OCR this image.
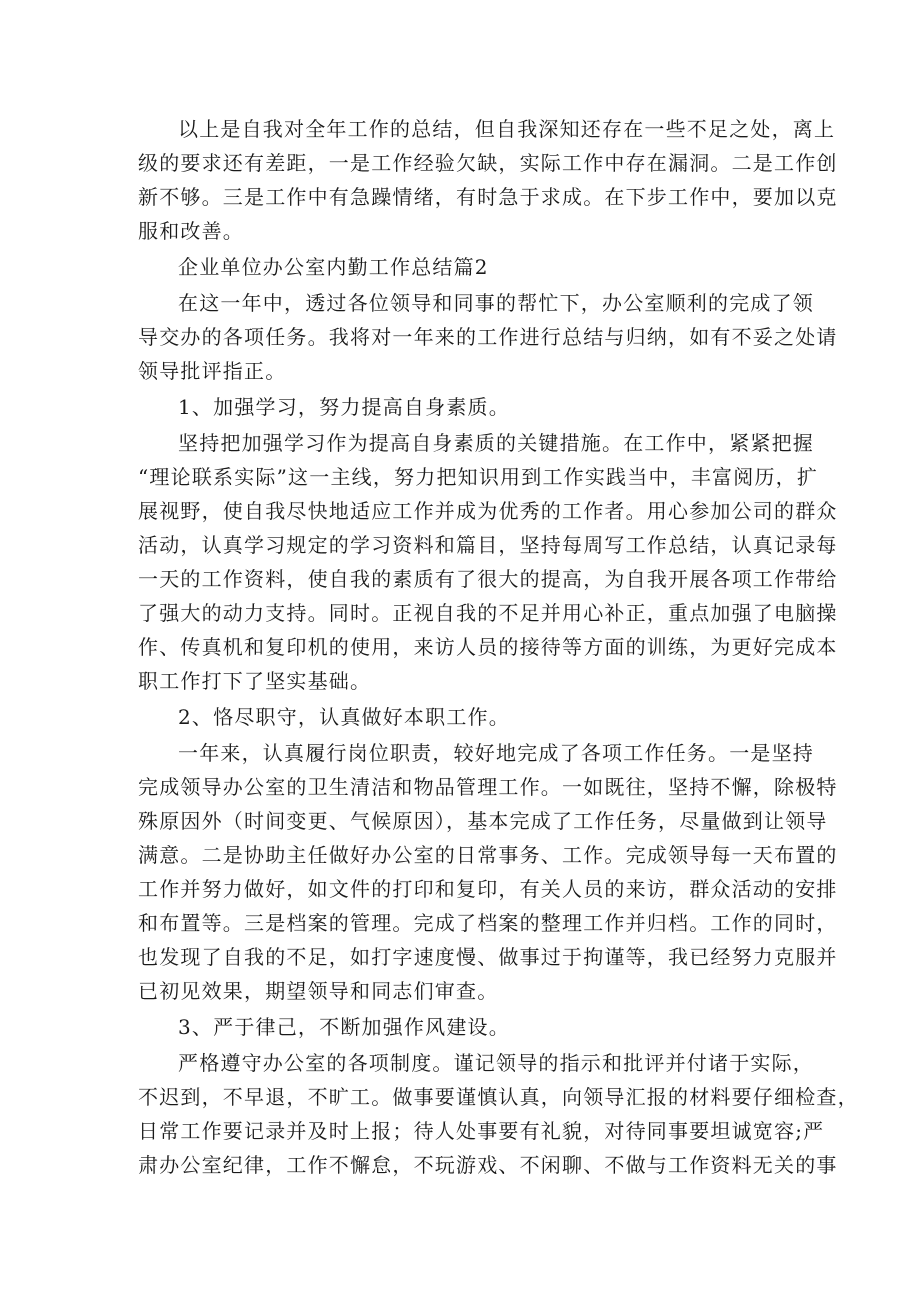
以上是自我对全年工作的总结，但自我深知还存在一些不足之处，离上
级的要求还有差距，一是工作经验欠缺，实际工作中存在漏洞。二是工作创
新不够。三是工作中有急躁情绪，有时急于求成。在下步工作中，要加以克
服和改善。
企业单位办公室内勤工作总结篇2
在这一年中，透过各位领导和同事的帮忙下，办公室顺利的完成了领
导交办的各项任务。我将对一年来的工作进行总结与归纳，如有不妥之处请
领导批评指正。
1、加强学习，努力提高自身素质。
坚持把加强学习作为提高自身素质的关键措施。在工作中，紧紧把握
“理论联系实际”这一主线，努力把知识用到工作实践当中，丰富阅历，扩
展视野，使自我尽快地适应工作并成为优秀的工作者。用心参加公司的群众
活动，认真学习规定的学习资料和篇目，坚持每周写工作总结，认真记录每
一天的工作资料，使自我的素质有了很大的提高，为自我开展各项工作带给
了强大的动力支持。同时。正视自我的不足并用心补正，重点加强了电脑操
作、传真机和复印机的使用，来访人员的接待等方面的训练，为更好完成本
职工作打下了坚实基础。
2、恪尽职守，认真做好本职工作。
一年来，认真履行岗位职责，较好地完成了各项工作任务。一是坚持
完成领导办公室的卫生清洁和物品管理工作。一如既往，坚持不懈，除极特
殊原因外（时间变更、气候原因），基本完成了工作任务，尽量做到让领导
满意。二是协助主任做好办公室的日常事务、工作。完成领导每一天布置的
工作并努力做好，如文件的打印和复印，有关人员的来访，群众活动的安排
和布置等。三是档案的管理。完成了档案的整理工作并归档。工作的同时，
也发现了自我的不足，如打字速度慢、做事过于拘谨等，我已经努力克服并
已初见效果，期望领导和同志们审查。
3、严于律己，不断加强作风建设。
严格遵守办公室的各项制度。谨记领导的指示和批评并付诸于实际，
不迟到，不早退，不旷工。做事要谨慎认真，向领导汇报的材料要仔细检查，
日常工作要记录并及时上报；待人处事要有礼貌，对待同事要坦诚宽容;严
肃办公室纪律，工作不懈怠，不玩游戏、不闲聊、不做与工作资料无关的事
